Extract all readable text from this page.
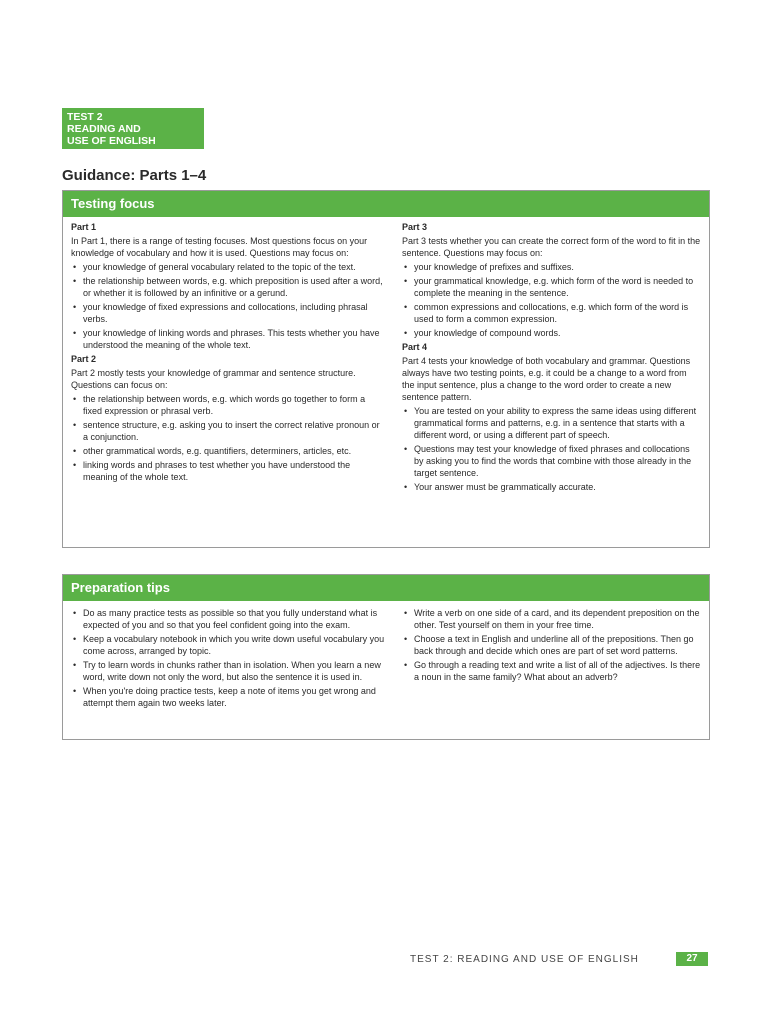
TEST 2
READING AND
USE OF ENGLISH
Guidance: Parts 1–4
Testing focus
Part 1

In Part 1, there is a range of testing focuses. Most questions focus on your knowledge of vocabulary and how it is used. Questions may focus on:

• your knowledge of general vocabulary related to the topic of the text.
• the relationship between words, e.g. which preposition is used after a word, or whether it is followed by an infinitive or a gerund.
• your knowledge of fixed expressions and collocations, including phrasal verbs.
• your knowledge of linking words and phrases. This tests whether you have understood the meaning of the whole text.
Part 2

Part 2 mostly tests your knowledge of grammar and sentence structure. Questions can focus on:

• the relationship between words, e.g. which words go together to form a fixed expression or phrasal verb.
• sentence structure, e.g. asking you to insert the correct relative pronoun or a conjunction.
• other grammatical words, e.g. quantifiers, determiners, articles, etc.
• linking words and phrases to test whether you have understood the meaning of the whole text.
Part 3

Part 3 tests whether you can create the correct form of the word to fit in the sentence. Questions may focus on:

• your knowledge of prefixes and suffixes.
• your grammatical knowledge, e.g. which form of the word is needed to complete the meaning in the sentence.
• common expressions and collocations, e.g. which form of the word is used to form a common expression.
• your knowledge of compound words.
Part 4

Part 4 tests your knowledge of both vocabulary and grammar. Questions always have two testing points, e.g. it could be a change to a word from the input sentence, plus a change to the word order to create a new sentence pattern.

• You are tested on your ability to express the same ideas using different grammatical forms and patterns, e.g. in a sentence that starts with a different word, or using a different part of speech.
• Questions may test your knowledge of fixed phrases and collocations by asking you to find the words that combine with those already in the target sentence.
• Your answer must be grammatically accurate.
Preparation tips
• Do as many practice tests as possible so that you fully understand what is expected of you and so that you feel confident going into the exam.
• Keep a vocabulary notebook in which you write down useful vocabulary you come across, arranged by topic.
• Try to learn words in chunks rather than in isolation. When you learn a new word, write down not only the word, but also the sentence it is used in.
• When you're doing practice tests, keep a note of items you get wrong and attempt them again two weeks later.
• Write a verb on one side of a card, and its dependent preposition on the other. Test yourself on them in your free time.
• Choose a text in English and underline all of the prepositions. Then go back through and decide which ones are part of set word patterns.
• Go through a reading text and write a list of all of the adjectives. Is there a noun in the same family? What about an adverb?
TEST 2: READING AND USE OF ENGLISH	27
